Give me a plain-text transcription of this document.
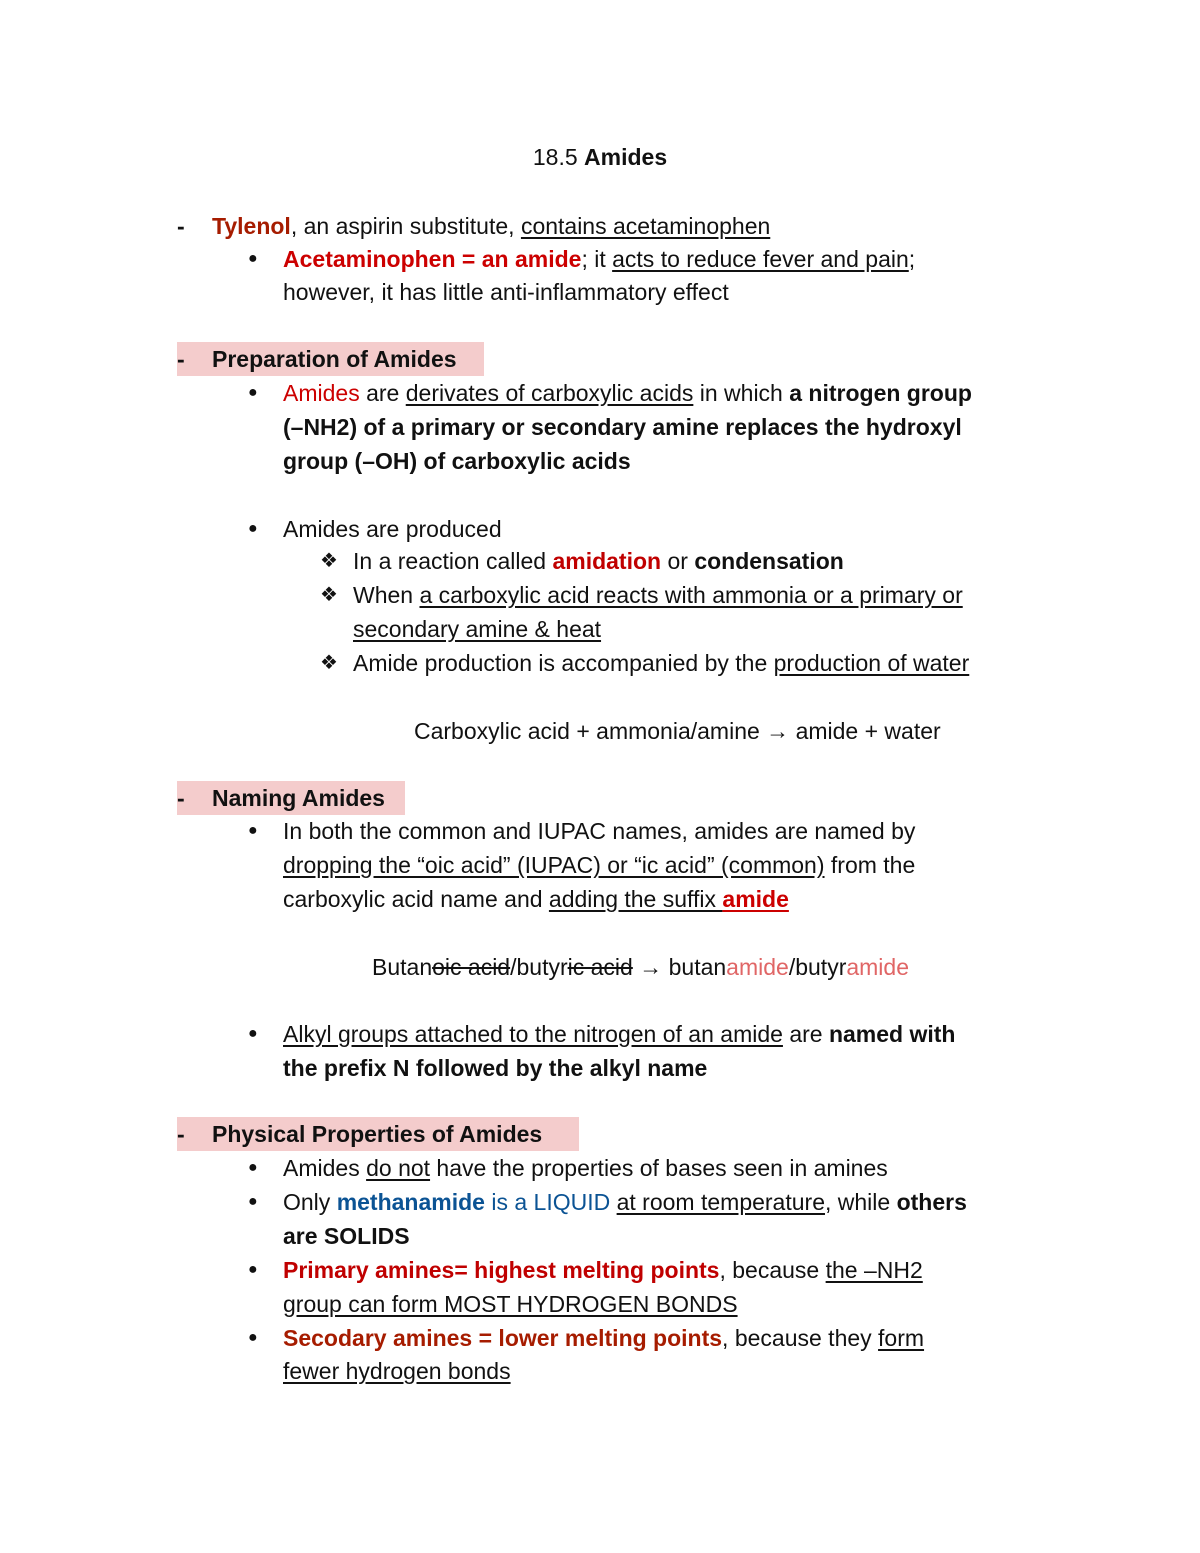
18.5 Amides
- Tylenol, an aspirin substitute, contains acetaminophen
● Acetaminophen = an amide; it acts to reduce fever and pain;
however, it has little anti-inflammatory effect
- Preparation of Amides
● Amides are derivates of carboxylic acids in which a nitrogen group
(–NH2) of a primary or secondary amine replaces the hydroxyl
group (–OH) of carboxylic acids
● Amides are produced
❖ In a reaction called amidation or condensation
❖ When a carboxylic acid reacts with ammonia or a primary or
secondary amine & heat
❖ Amide production is accompanied by the production of water
Carboxylic acid + ammonia/amine → amide + water
- Naming Amides
● In both the common and IUPAC names, amides are named by
dropping the “oic acid” (IUPAC) or “ic acid” (common) from the
carboxylic acid name and adding the suffix amide
Butanoic acid/butyric acid → butanamide/butyramide
● Alkyl groups attached to the nitrogen of an amide are named with
the prefix N followed by the alkyl name
- Physical Properties of Amides
● Amides do not have the properties of bases seen in amines
● Only methanamide is a LIQUID at room temperature, while others
are SOLIDS
● Primary amines= highest melting points, because the –NH2
group can form MOST HYDROGEN BONDS
● Secodary amines = lower melting points, because they form
fewer hydrogen bonds
